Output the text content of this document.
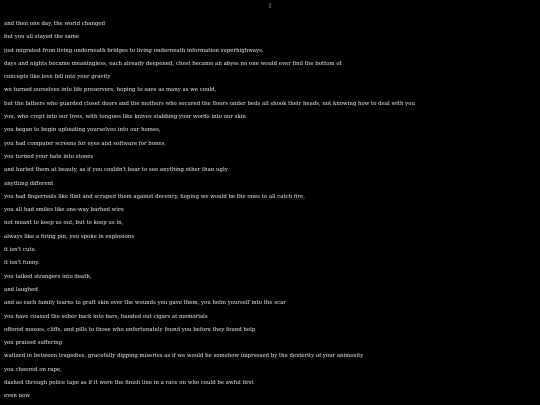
⇕
and then one day, the world changed
but you all stayed the same
just migrated from living underneath bridges to living underneath information superhighways.
days and nights became meaningless, each already deepened, chest became an abyss no one would ever find the bottom of
concepts like love fell into your gravity
we turned ourselves into life preservers, hoping to save as many as we could,
but the fathers who guarded closet doors and the mothers who secured the floors under beds all shook their heads, not knowing how to deal with you
you, who crept into our lives, with tongues like knives stabbing your words into our skin
you began to begin uploading yourselves into our homes,
you had computer screens for eyes and software for bones,
you turned your hate into stones
and hurled them at beauty, as if you couldn't bear to see anything other than ugly
anything different
you had fingernails like flint and scraped them against decency, hoping we would be the ones to all catch fire,
you all had smiles like one-way barbed wire
not meant to keep us out, but to keep us in,
always like a firing pin, you spoke in explosions
it isn't cute.
it isn't funny.
you talked strangers into death,
and laughed
and as each family learns to graft skin over the wounds you gave them, you helm yourself into the scar
you have coaxed the sober back into bars, handed out cigars at memorials
offered nooses, cliffs, and pills to those who unfortunately found you before they found help
you praised suffering
waltzed in between tragedies, gracefully dipping miseries as if we would be somehow impressed by the dexterity of your animosity
you cheered on rape,
dashed through police tape as if it were the finish line in a race on who could be awful first
even now
